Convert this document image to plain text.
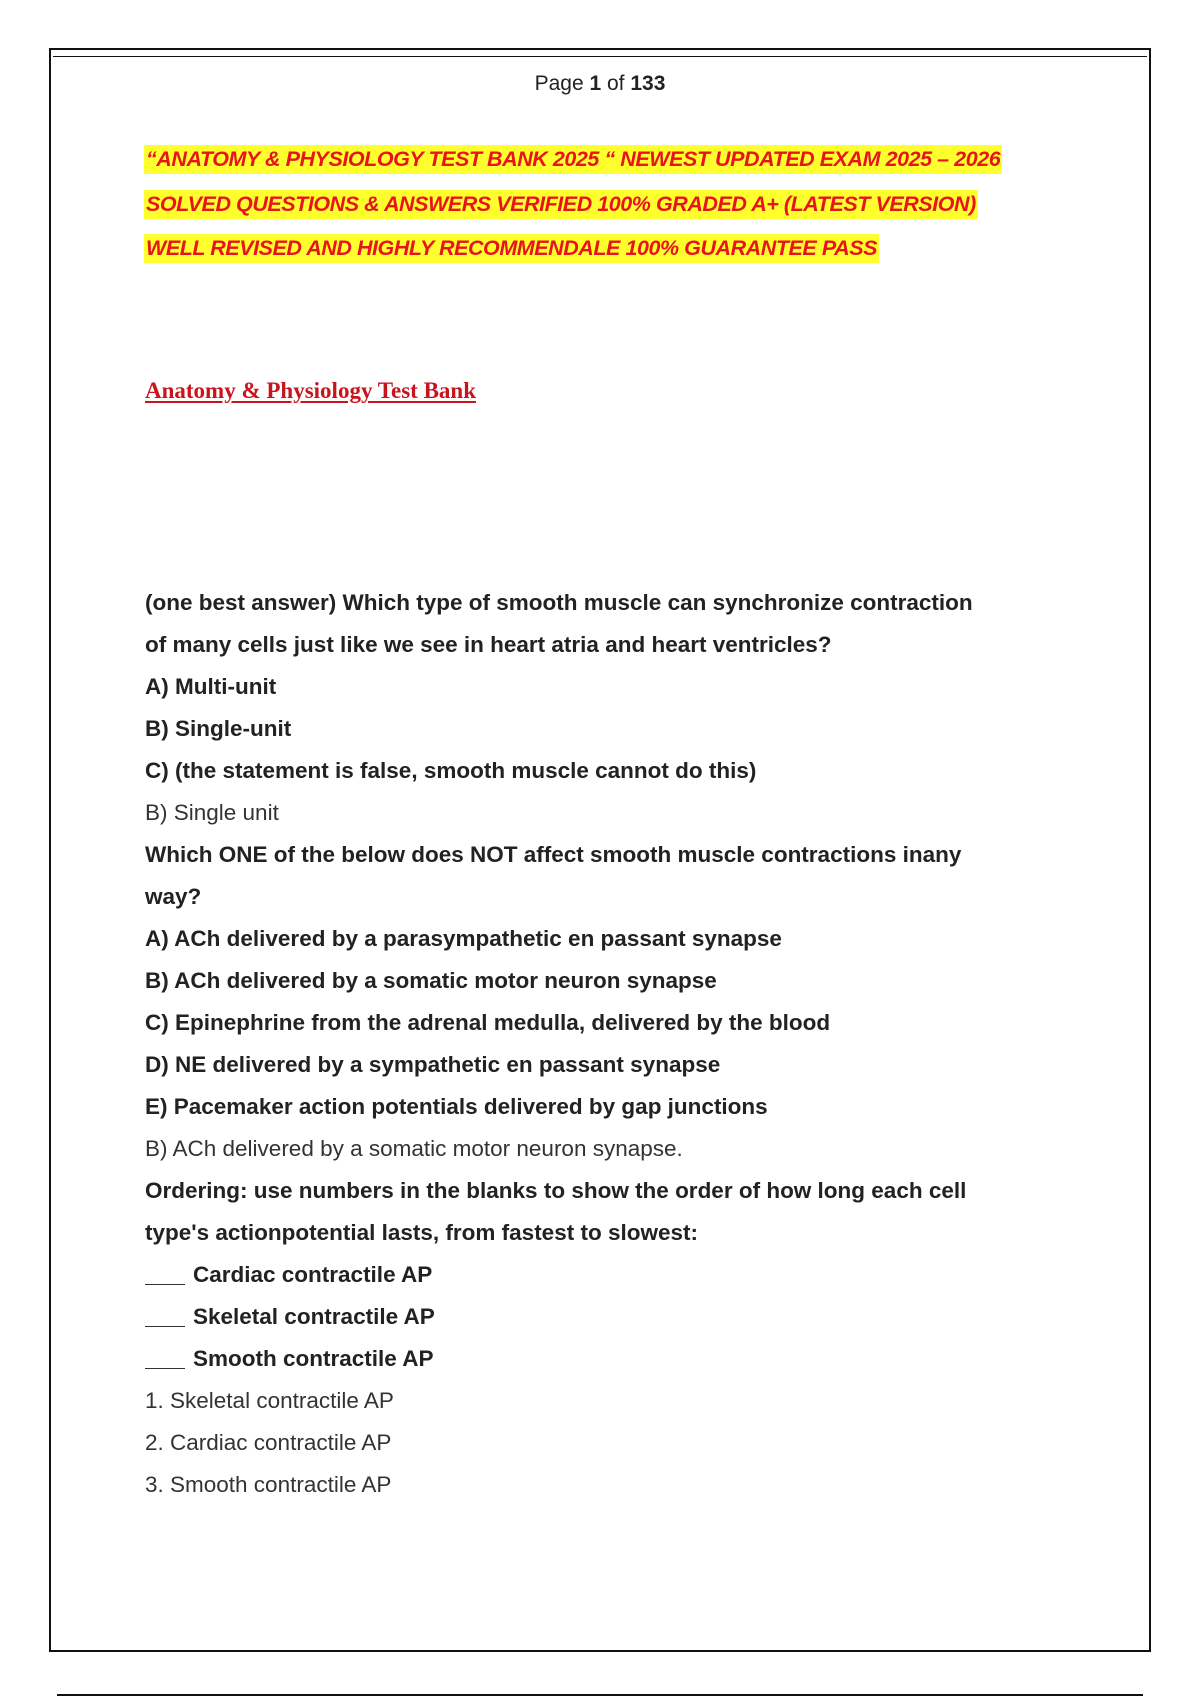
Page 1 of 133
“ANATOMY & PHYSIOLOGY TEST BANK 2025 “ NEWEST UPDATED EXAM 2025 – 2026
SOLVED QUESTIONS & ANSWERS VERIFIED 100% GRADED A+ (LATEST VERSION)
WELL REVISED AND HIGHLY RECOMMENDALE 100% GUARANTEE PASS
Anatomy & Physiology Test Bank
(one best answer) Which type of smooth muscle can synchronize contraction
of many cells just like we see in heart atria and heart ventricles?
A) Multi-unit
B) Single-unit
C) (the statement is false, smooth muscle cannot do this)
B) Single unit
Which ONE of the below does NOT affect smooth muscle contractions inany
way?
A) ACh delivered by a parasympathetic en passant synapse
B) ACh delivered by a somatic motor neuron synapse
C) Epinephrine from the adrenal medulla, delivered by the blood
D) NE delivered by a sympathetic en passant synapse
E) Pacemaker action potentials delivered by gap junctions
B) ACh delivered by a somatic motor neuron synapse.
Ordering: use numbers in the blanks to show the order of how long each cell
type's actionpotential lasts, from fastest to slowest:
Cardiac contractile AP
Skeletal contractile AP
Smooth contractile AP
1. Skeletal contractile AP
2. Cardiac contractile AP
3. Smooth contractile AP
